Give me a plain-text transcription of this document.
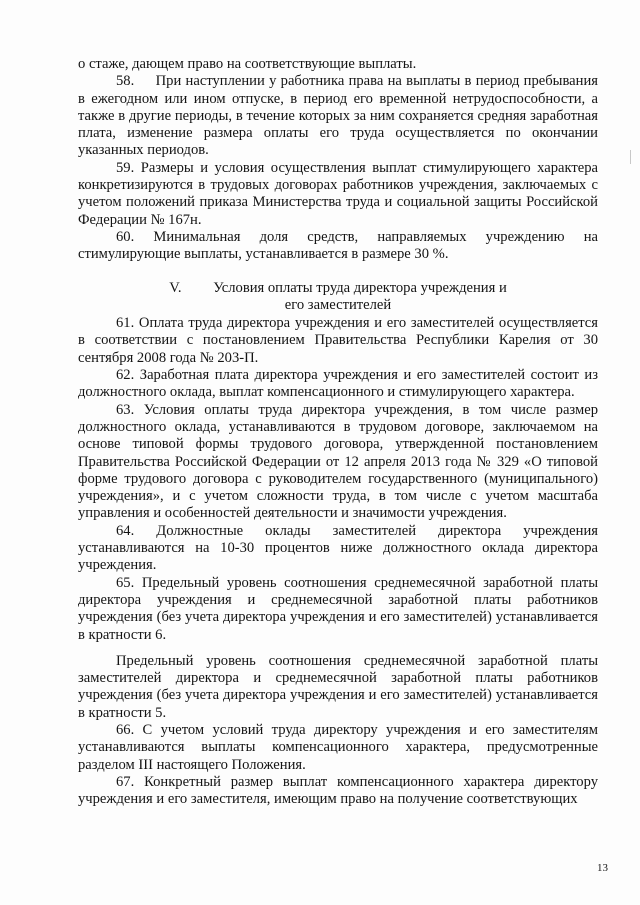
о стаже, дающем право на соответствующие выплаты.

58.     При наступлении у работника права на выплаты в период пребывания в ежегодном или ином отпуске, в период его временной нетрудоспособности, а также в другие периоды, в течение которых за ним сохраняется средняя заработная плата, изменение размера оплаты его труда осуществляется по окончании указанных периодов.

59. Размеры и условия осуществления выплат стимулирующего характера конкретизируются в трудовых договорах работников учреждения, заключаемых с учетом положений приказа Министерства труда и социальной защиты Российской Федерации № 167н.

60. Минимальная доля средств, направляемых учреждению на стимулирующие выплаты, устанавливается в размере 30 %.

V. Условия оплаты труда директора учреждения и
его заместителей

61. Оплата труда директора учреждения и его заместителей осуществляется в соответствии с постановлением Правительства Республики Карелия от 30 сентября 2008 года № 203-П.

62. Заработная плата директора учреждения и его заместителей состоит из должностного оклада, выплат компенсационного и стимулирующего характера.

63. Условия оплаты труда директора учреждения, в том числе размер должностного оклада, устанавливаются в трудовом договоре, заключаемом на основе типовой формы трудового договора, утвержденной постановлением Правительства Российской Федерации от 12 апреля 2013 года № 329 «О типовой форме трудового договора с руководителем государственного (муниципального) учреждения», и с учетом сложности труда, в том числе с учетом масштаба управления и особенностей деятельности и значимости учреждения.

64. Должностные оклады заместителей директора учреждения устанавливаются на 10-30 процентов ниже должностного оклада директора учреждения.

65. Предельный уровень соотношения среднемесячной заработной платы директора учреждения и среднемесячной заработной платы работников учреждения (без учета директора учреждения и его заместителей) устанавливается в кратности 6.

Предельный уровень соотношения среднемесячной заработной платы заместителей директора и среднемесячной заработной платы работников учреждения (без учета директора учреждения и его заместителей) устанавливается в кратности 5.

66. С учетом условий труда директору учреждения и его заместителям устанавливаются выплаты компенсационного характера, предусмотренные разделом III настоящего Положения.

67. Конкретный размер выплат компенсационного характера директору учреждения и его заместителя, имеющим право на получение соответствующих

13
